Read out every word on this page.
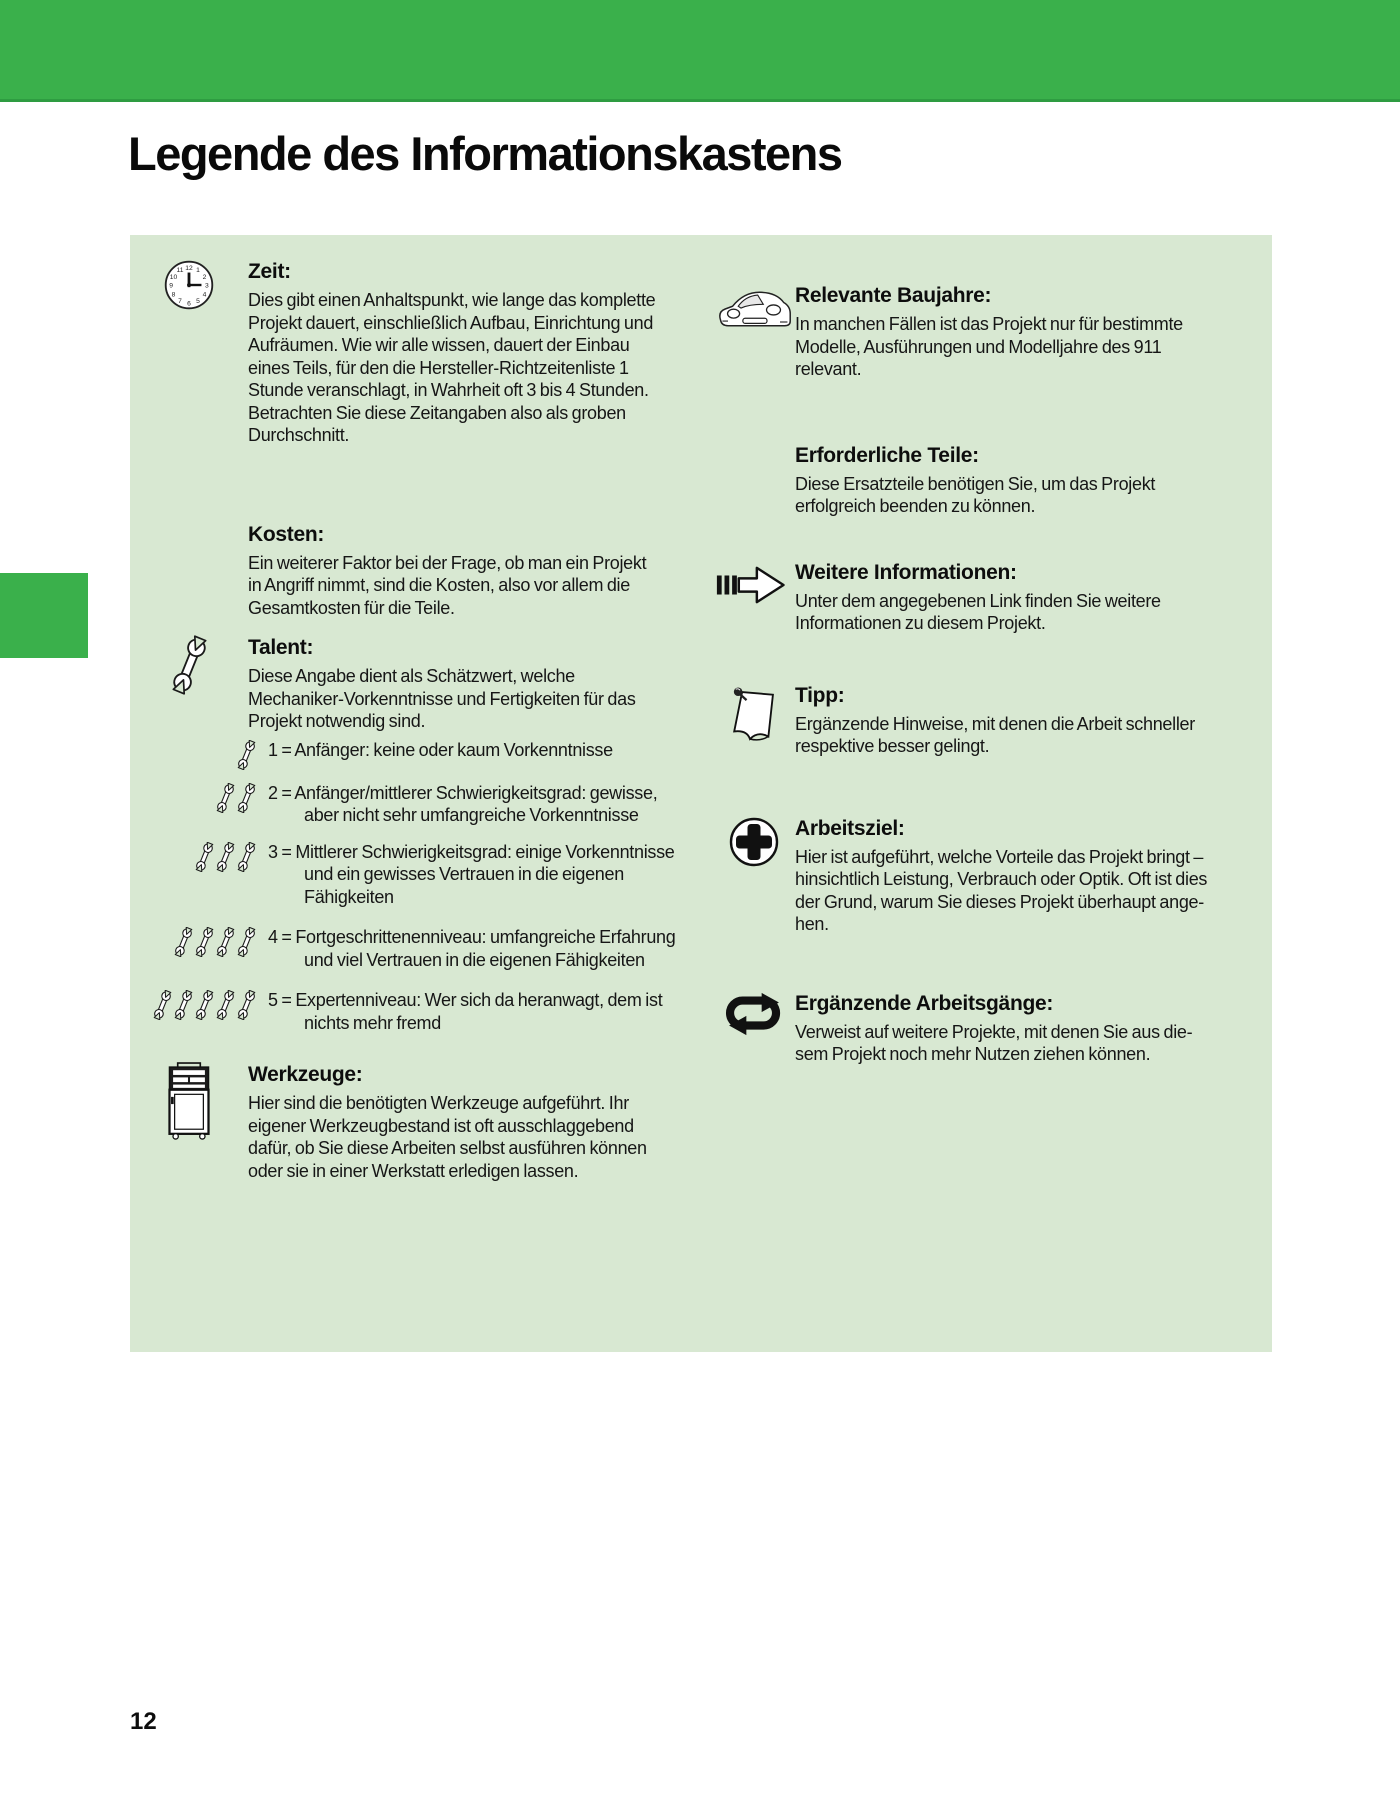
Legende des Informationskastens
12 1
2
3
4
5
6
7
8
9
10
11	Zeit:

Dies gibt einen Anhaltspunkt, wie lange das komplette
Projekt dauert, einschließlich Aufbau, Einrichtung und
Aufräumen. Wie wir alle wissen, dauert der Einbau
eines Teils, für den die Hersteller-Richtzeitenliste 1
Stunde veranschlagt, in Wahrheit oft 3 bis 4 Stunden.
Betrachten Sie diese Zeitangaben also als groben
Durchschnitt.

Kosten:

Ein weiterer Faktor bei der Frage, ob man ein Projekt
in Angriff nimmt, sind die Kosten, also vor allem die
Gesamtkosten für die Teile.

Talent:

Diese Angabe dient als Schätzwert, welche
Mechaniker-Vorkenntnisse und Fertigkeiten für das
Projekt notwendig sind.

1 = Anfänger: keine oder kaum Vorkenntnisse

2 = Anfänger/mittlerer Schwierigkeitsgrad: gewisse,
aber nicht sehr umfangreiche Vorkenntnisse

3 = Mittlerer Schwierigkeitsgrad: einige Vorkenntnisse
und ein gewisses Vertrauen in die eigenen
Fähigkeiten

4 = Fortgeschrittenenniveau: umfangreiche Erfahrung
und viel Vertrauen in die eigenen Fähigkeiten

5 = Expertenniveau: Wer sich da heranwagt, dem ist
nichts mehr fremd

Werkzeuge:

Hier sind die benötigten Werkzeuge aufgeführt. Ihr
eigener Werkzeugbestand ist oft ausschlaggebend
dafür, ob Sie diese Arbeiten selbst ausführen können
oder sie in einer Werkstatt erledigen lassen.

Relevante Baujahre:

In manchen Fällen ist das Projekt nur für bestimmte
Modelle, Ausführungen und Modelljahre des 911
relevant.

Erforderliche Teile:

Diese Ersatzteile benötigen Sie, um das Projekt
erfolgreich beenden zu können.

Weitere Informationen:

Unter dem angegebenen Link finden Sie weitere
Informationen zu diesem Projekt.

Tipp:

Ergänzende Hinweise, mit denen die Arbeit schneller
respektive besser gelingt.

Arbeitsziel:

Hier ist aufgeführt, welche Vorteile das Projekt bringt –
hinsichtlich Leistung, Verbrauch oder Optik. Oft ist dies
der Grund, warum Sie dieses Projekt überhaupt ange-
hen.

Ergänzende Arbeitsgänge:

Verweist auf weitere Projekte, mit denen Sie aus die-
sem Projekt noch mehr Nutzen ziehen können.

12
